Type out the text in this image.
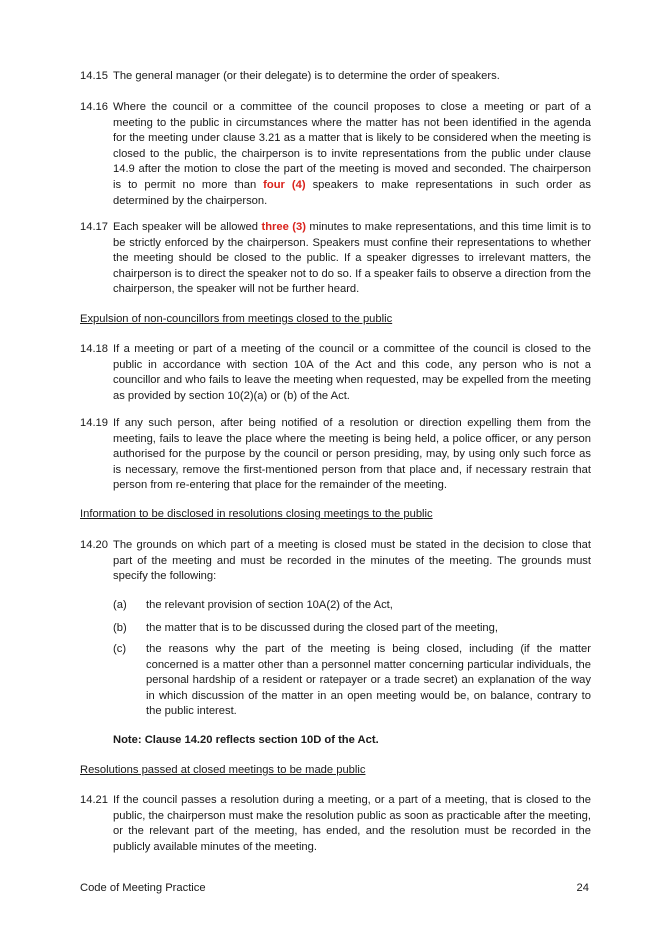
14.15 The general manager (or their delegate) is to determine the order of speakers.
14.16 Where the council or a committee of the council proposes to close a meeting or part of a meeting to the public in circumstances where the matter has not been identified in the agenda for the meeting under clause 3.21 as a matter that is likely to be considered when the meeting is closed to the public, the chairperson is to invite representations from the public under clause 14.9 after the motion to close the part of the meeting is moved and seconded. The chairperson is to permit no more than four (4) speakers to make representations in such order as determined by the chairperson.
14.17 Each speaker will be allowed three (3) minutes to make representations, and this time limit is to be strictly enforced by the chairperson. Speakers must confine their representations to whether the meeting should be closed to the public. If a speaker digresses to irrelevant matters, the chairperson is to direct the speaker not to do so. If a speaker fails to observe a direction from the chairperson, the speaker will not be further heard.
Expulsion of non-councillors from meetings closed to the public
14.18 If a meeting or part of a meeting of the council or a committee of the council is closed to the public in accordance with section 10A of the Act and this code, any person who is not a councillor and who fails to leave the meeting when requested, may be expelled from the meeting as provided by section 10(2)(a) or (b) of the Act.
14.19 If any such person, after being notified of a resolution or direction expelling them from the meeting, fails to leave the place where the meeting is being held, a police officer, or any person authorised for the purpose by the council or person presiding, may, by using only such force as is necessary, remove the first-mentioned person from that place and, if necessary restrain that person from re-entering that place for the remainder of the meeting.
Information to be disclosed in resolutions closing meetings to the public
14.20 The grounds on which part of a meeting is closed must be stated in the decision to close that part of the meeting and must be recorded in the minutes of the meeting. The grounds must specify the following:
(a)	the relevant provision of section 10A(2) of the Act,
(b)	the matter that is to be discussed during the closed part of the meeting,
(c)	the reasons why the part of the meeting is being closed, including (if the matter concerned is a matter other than a personnel matter concerning particular individuals, the personal hardship of a resident or ratepayer or a trade secret) an explanation of the way in which discussion of the matter in an open meeting would be, on balance, contrary to the public interest.
Note: Clause 14.20 reflects section 10D of the Act.
Resolutions passed at closed meetings to be made public
14.21 If the council passes a resolution during a meeting, or a part of a meeting, that is closed to the public, the chairperson must make the resolution public as soon as practicable after the meeting, or the relevant part of the meeting, has ended, and the resolution must be recorded in the publicly available minutes of the meeting.
Code of Meeting Practice	24
